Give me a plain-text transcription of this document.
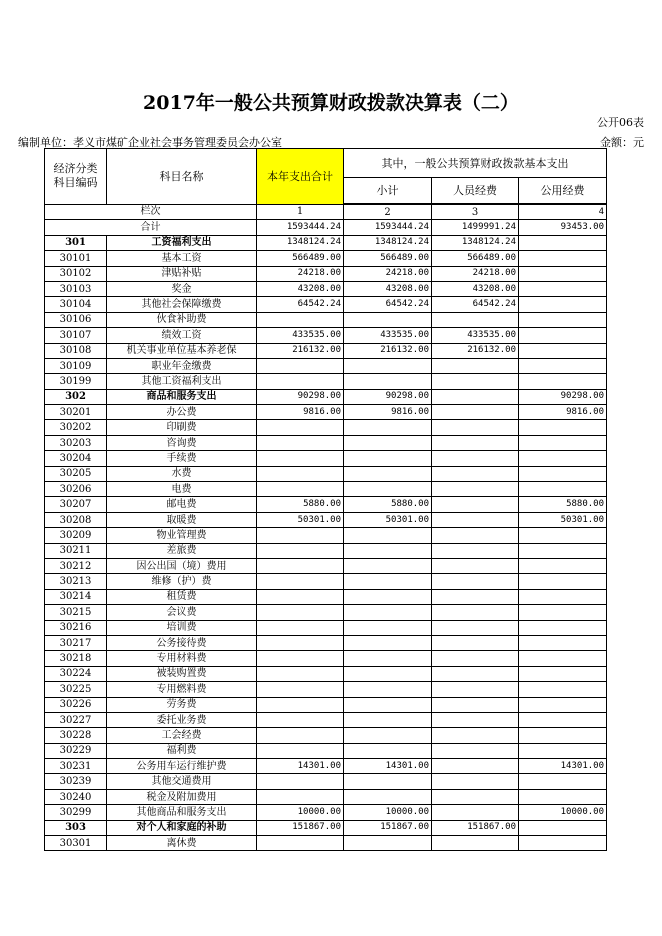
2017年一般公共预算财政拨款决算表（二）
公开06表
编制单位：孝义市煤矿企业社会事务管理委员会办公室	金额：元
经济分类
科目编码	科目名称	本年支出合计	其中，一般公共预算财政拨款基本支出		
			小计	人员经费	公用经费
栏次		1	2	3	4
合计		1593444.24	1593444.24	1499991.24	93453.00
301	工资福利支出	1348124.24	1348124.24	1348124.24	
30101	基本工资	566489.00	566489.00	566489.00	
30102	津贴补贴	24218.00	24218.00	24218.00	
30103	奖金	43208.00	43208.00	43208.00	
30104	其他社会保障缴费	64542.24	64542.24	64542.24	
30106	伙食补助费				
30107	绩效工资	433535.00	433535.00	433535.00	
30108	机关事业单位基本养老保	216132.00	216132.00	216132.00	
30109	职业年金缴费				
30199	其他工资福利支出				
302	商品和服务支出	90298.00	90298.00		90298.00
30201	办公费	9816.00	9816.00		9816.00
30202	印刷费				
30203	咨询费				
30204	手续费				
30205	水费				
30206	电费				
30207	邮电费	5880.00	5880.00		5880.00
30208	取暖费	50301.00	50301.00		50301.00
30209	物业管理费				
30211	差旅费				
30212	因公出国（境）费用				
30213	维修（护）费				
30214	租赁费				
30215	会议费				
30216	培训费				
30217	公务接待费				
30218	专用材料费				
30224	被装购置费				
30225	专用燃料费				
30226	劳务费				
30227	委托业务费				
30228	工会经费				
30229	福利费				
30231	公务用车运行维护费	14301.00	14301.00		14301.00
30239	其他交通费用				
30240	税金及附加费用				
30299	其他商品和服务支出	10000.00	10000.00		10000.00
303	对个人和家庭的补助	151867.00	151867.00	151867.00	
30301	离休费				
